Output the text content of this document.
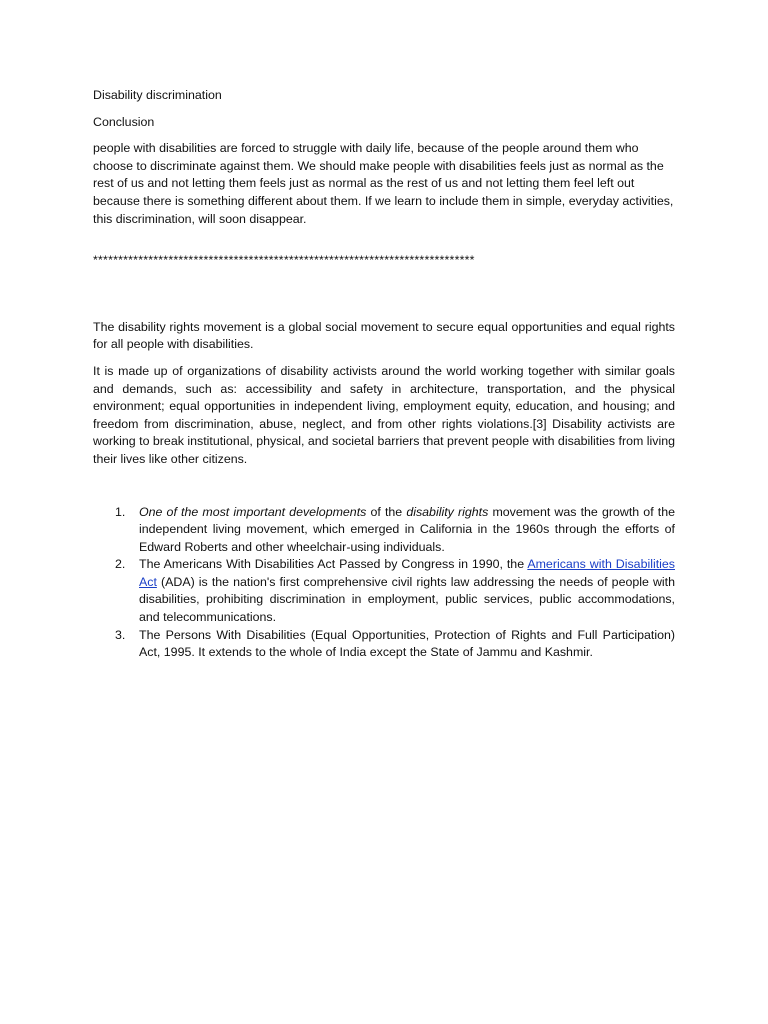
Disability discrimination

Conclusion

people with disabilities are forced to struggle with daily life, because of the people around them who choose to discriminate against them. We should make people with disabilities feels just as normal as the rest of us and not letting them feels just as normal as the rest of us and not letting them feel left out because there is something different about them. If we learn to include them in simple, everyday activities, this discrimination, will soon disappear.

****************************************************************************

The disability rights movement is a global social movement to secure equal opportunities and equal rights for all people with disabilities.

It is made up of organizations of disability activists around the world working together with similar goals and demands, such as: accessibility and safety in architecture, transportation, and the physical environment; equal opportunities in independent living, employment equity, education, and housing; and freedom from discrimination, abuse, neglect, and from other rights violations.[3] Disability activists are working to break institutional, physical, and societal barriers that prevent people with disabilities from living their lives like other citizens.

1. One of the most important developments of the disability rights movement was the growth of the independent living movement, which emerged in California in the 1960s through the efforts of Edward Roberts and other wheelchair-using individuals.
2. The Americans With Disabilities Act Passed by Congress in 1990, the Americans with Disabilities Act (ADA) is the nation's first comprehensive civil rights law addressing the needs of people with disabilities, prohibiting discrimination in employment, public services, public accommodations, and telecommunications.
3. The Persons With Disabilities (Equal Opportunities, Protection of Rights and Full Participation) Act, 1995. It extends to the whole of India except the State of Jammu and Kashmir.
